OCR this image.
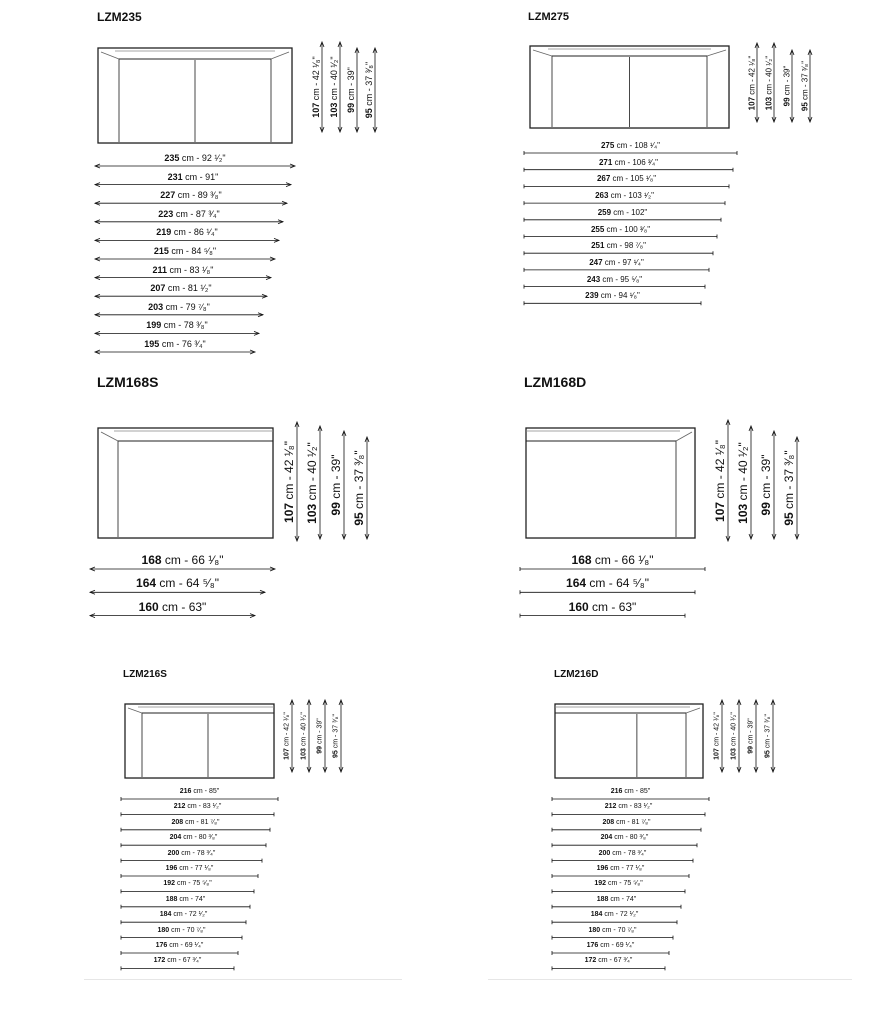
LZM235
107 cm - 42 ¹⁄₈"
103 cm - 40 ¹⁄₂"
99 cm - 39"
95 cm - 37 ³⁄₈"
235 cm - 92 ¹⁄₂"
231 cm - 91"
227 cm - 89 ³⁄₈"
223 cm - 87 ³⁄₄"
219 cm - 86 ¹⁄₄"
215 cm - 84 ⁵⁄₈"
211 cm - 83 ¹⁄₈"
207 cm - 81 ¹⁄₂"
203 cm - 79 ⁷⁄₈"
199 cm - 78 ³⁄₈"
195 cm - 76 ³⁄₄"
LZM275
107 cm - 42 ¹⁄₈"
103 cm - 40 ¹⁄₂"
99 cm - 39"
95 cm - 37 ³⁄₈"
275 cm - 108 ¹⁄₄"
271 cm - 106 ³⁄₄"
267 cm - 105 ¹⁄₈"
263 cm - 103 ¹⁄₂"
259 cm - 102"
255 cm - 100 ³⁄₈"
251 cm - 98 ⁷⁄₈"
247 cm - 97 ¹⁄₄"
243 cm - 95 ⁵⁄₈"
239 cm - 94 ¹⁄₈"
LZM168S
107 cm - 42 ¹⁄₈"
103 cm - 40 ¹⁄₂"
99 cm - 39"
95 cm - 37 ³⁄₈"
168 cm - 66 ¹⁄₈"
164 cm - 64 ⁵⁄₈"
160 cm - 63"
LZM168D
107 cm - 42 ¹⁄₈"
103 cm - 40 ¹⁄₂"
99 cm - 39"
95 cm - 37 ³⁄₈"
168 cm - 66 ¹⁄₈"
164 cm - 64 ⁵⁄₈"
160 cm - 63"
LZM216S
107 cm - 42 ¹⁄₈"
103 cm - 40 ¹⁄₂"
99 cm - 39"
95 cm - 37 ³⁄₈"
216 cm - 85"
212 cm - 83 ¹⁄₂"
208 cm - 81 ⁷⁄₈"
204 cm - 80 ³⁄₈"
200 cm - 78 ³⁄₄"
196 cm - 77 ¹⁄₈"
192 cm - 75 ⁵⁄₈"
188 cm - 74"
184 cm - 72 ¹⁄₂"
180 cm - 70 ⁷⁄₈"
176 cm - 69 ¹⁄₄"
172 cm - 67 ³⁄₄"
LZM216D
107 cm - 42 ¹⁄₈"
103 cm - 40 ¹⁄₂"
99 cm - 39"
95 cm - 37 ³⁄₈"
216 cm - 85"
212 cm - 83 ¹⁄₂"
208 cm - 81 ⁷⁄₈"
204 cm - 80 ³⁄₈"
200 cm - 78 ³⁄₄"
196 cm - 77 ¹⁄₈"
192 cm - 75 ⁵⁄₈"
188 cm - 74"
184 cm - 72 ¹⁄₂"
180 cm - 70 ⁷⁄₈"
176 cm - 69 ¹⁄₄"
172 cm - 67 ³⁄₄"
